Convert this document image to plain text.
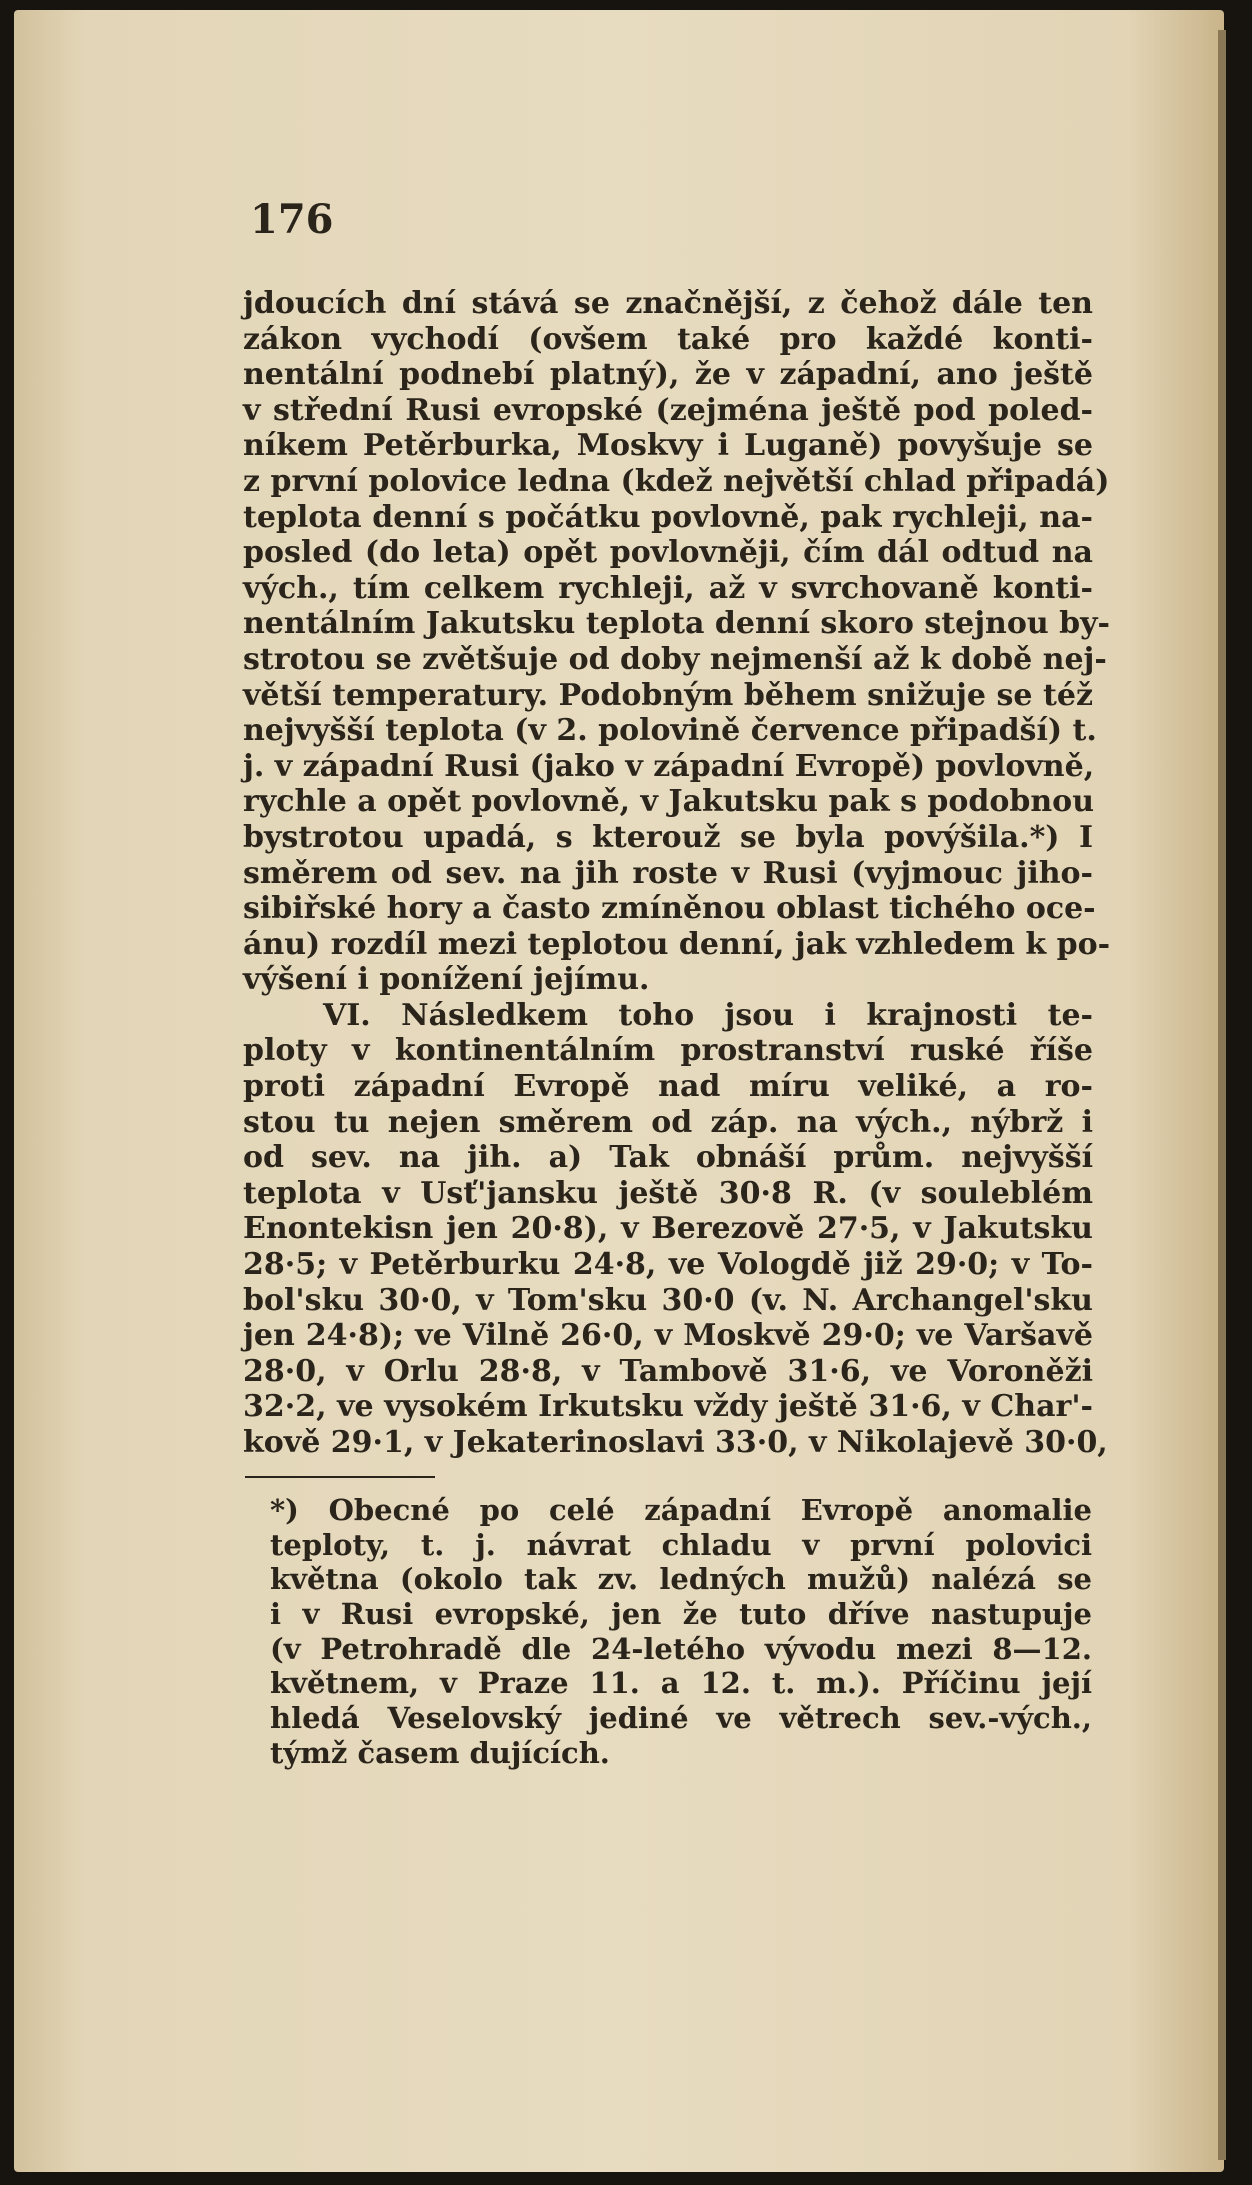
176
jdoucích dní stává se značnější, z čehož dále ten
zákon vychodí (ovšem také pro každé konti-
nentální podnebí platný), že v západní, ano ještě
v střední Rusi evropské (zejména ještě pod poled-
níkem Petěrburka, Moskvy i Luganě) povyšuje se
z první polovice ledna (kdež největší chlad připadá)
teplota denní s počátku povlovně, pak rychleji, na-
posled (do leta) opět povlovněji, čím dál odtud na
vých., tím celkem rychleji, až v svrchovaně konti-
nentálním Jakutsku teplota denní skoro stejnou by-
strotou se zvětšuje od doby nejmenší až k době nej-
větší temperatury. Podobným během snižuje se též
nejvyšší teplota (v 2. polovině července připadší) t.
j. v západní Rusi (jako v západní Evropě) povlovně,
rychle a opět povlovně, v Jakutsku pak s podobnou
bystrotou upadá, s kterouž se byla povýšila.*) I
směrem od sev. na jih roste v Rusi (vyjmouc jiho-
sibiřské hory a často zmíněnou oblast tichého oce-
ánu) rozdíl mezi teplotou denní, jak vzhledem k po-
výšení i ponížení jejímu.
VI. Následkem toho jsou i krajnosti te-
ploty v kontinentálním prostranství ruské říše
proti západní Evropě nad míru veliké, a ro-
stou tu nejen směrem od záp. na vých., nýbrž i
od sev. na jih. a) Tak obnáší prům. nejvyšší
teplota v Usť'jansku ještě 30·8 R. (v souleblém
Enontekisn jen 20·8), v Berezově 27·5, v Jakutsku
28·5; v Petěrburku 24·8, ve Vologdě již 29·0; v To-
bol'sku 30·0, v Tom'sku 30·0 (v. N. Archangel'sku
jen 24·8); ve Vilně 26·0, v Moskvě 29·0; ve Varšavě
28·0, v Orlu 28·8, v Tambově 31·6, ve Voroněži
32·2, ve vysokém Irkutsku vždy ještě 31·6, v Char'-
kově 29·1, v Jekaterinoslavi 33·0, v Nikolajevě 30·0,
*) Obecné po celé západní Evropě anomalie
teploty, t. j. návrat chladu v první polovici
května (okolo tak zv. ledných mužů) nalézá se
i v Rusi evropské, jen že tuto dříve nastupuje
(v Petrohradě dle 24-letého vývodu mezi 8—12.
květnem, v Praze 11. a 12. t. m.). Příčinu její
hledá Veselovský jediné ve větrech sev.-vých.,
týmž časem dujících.
